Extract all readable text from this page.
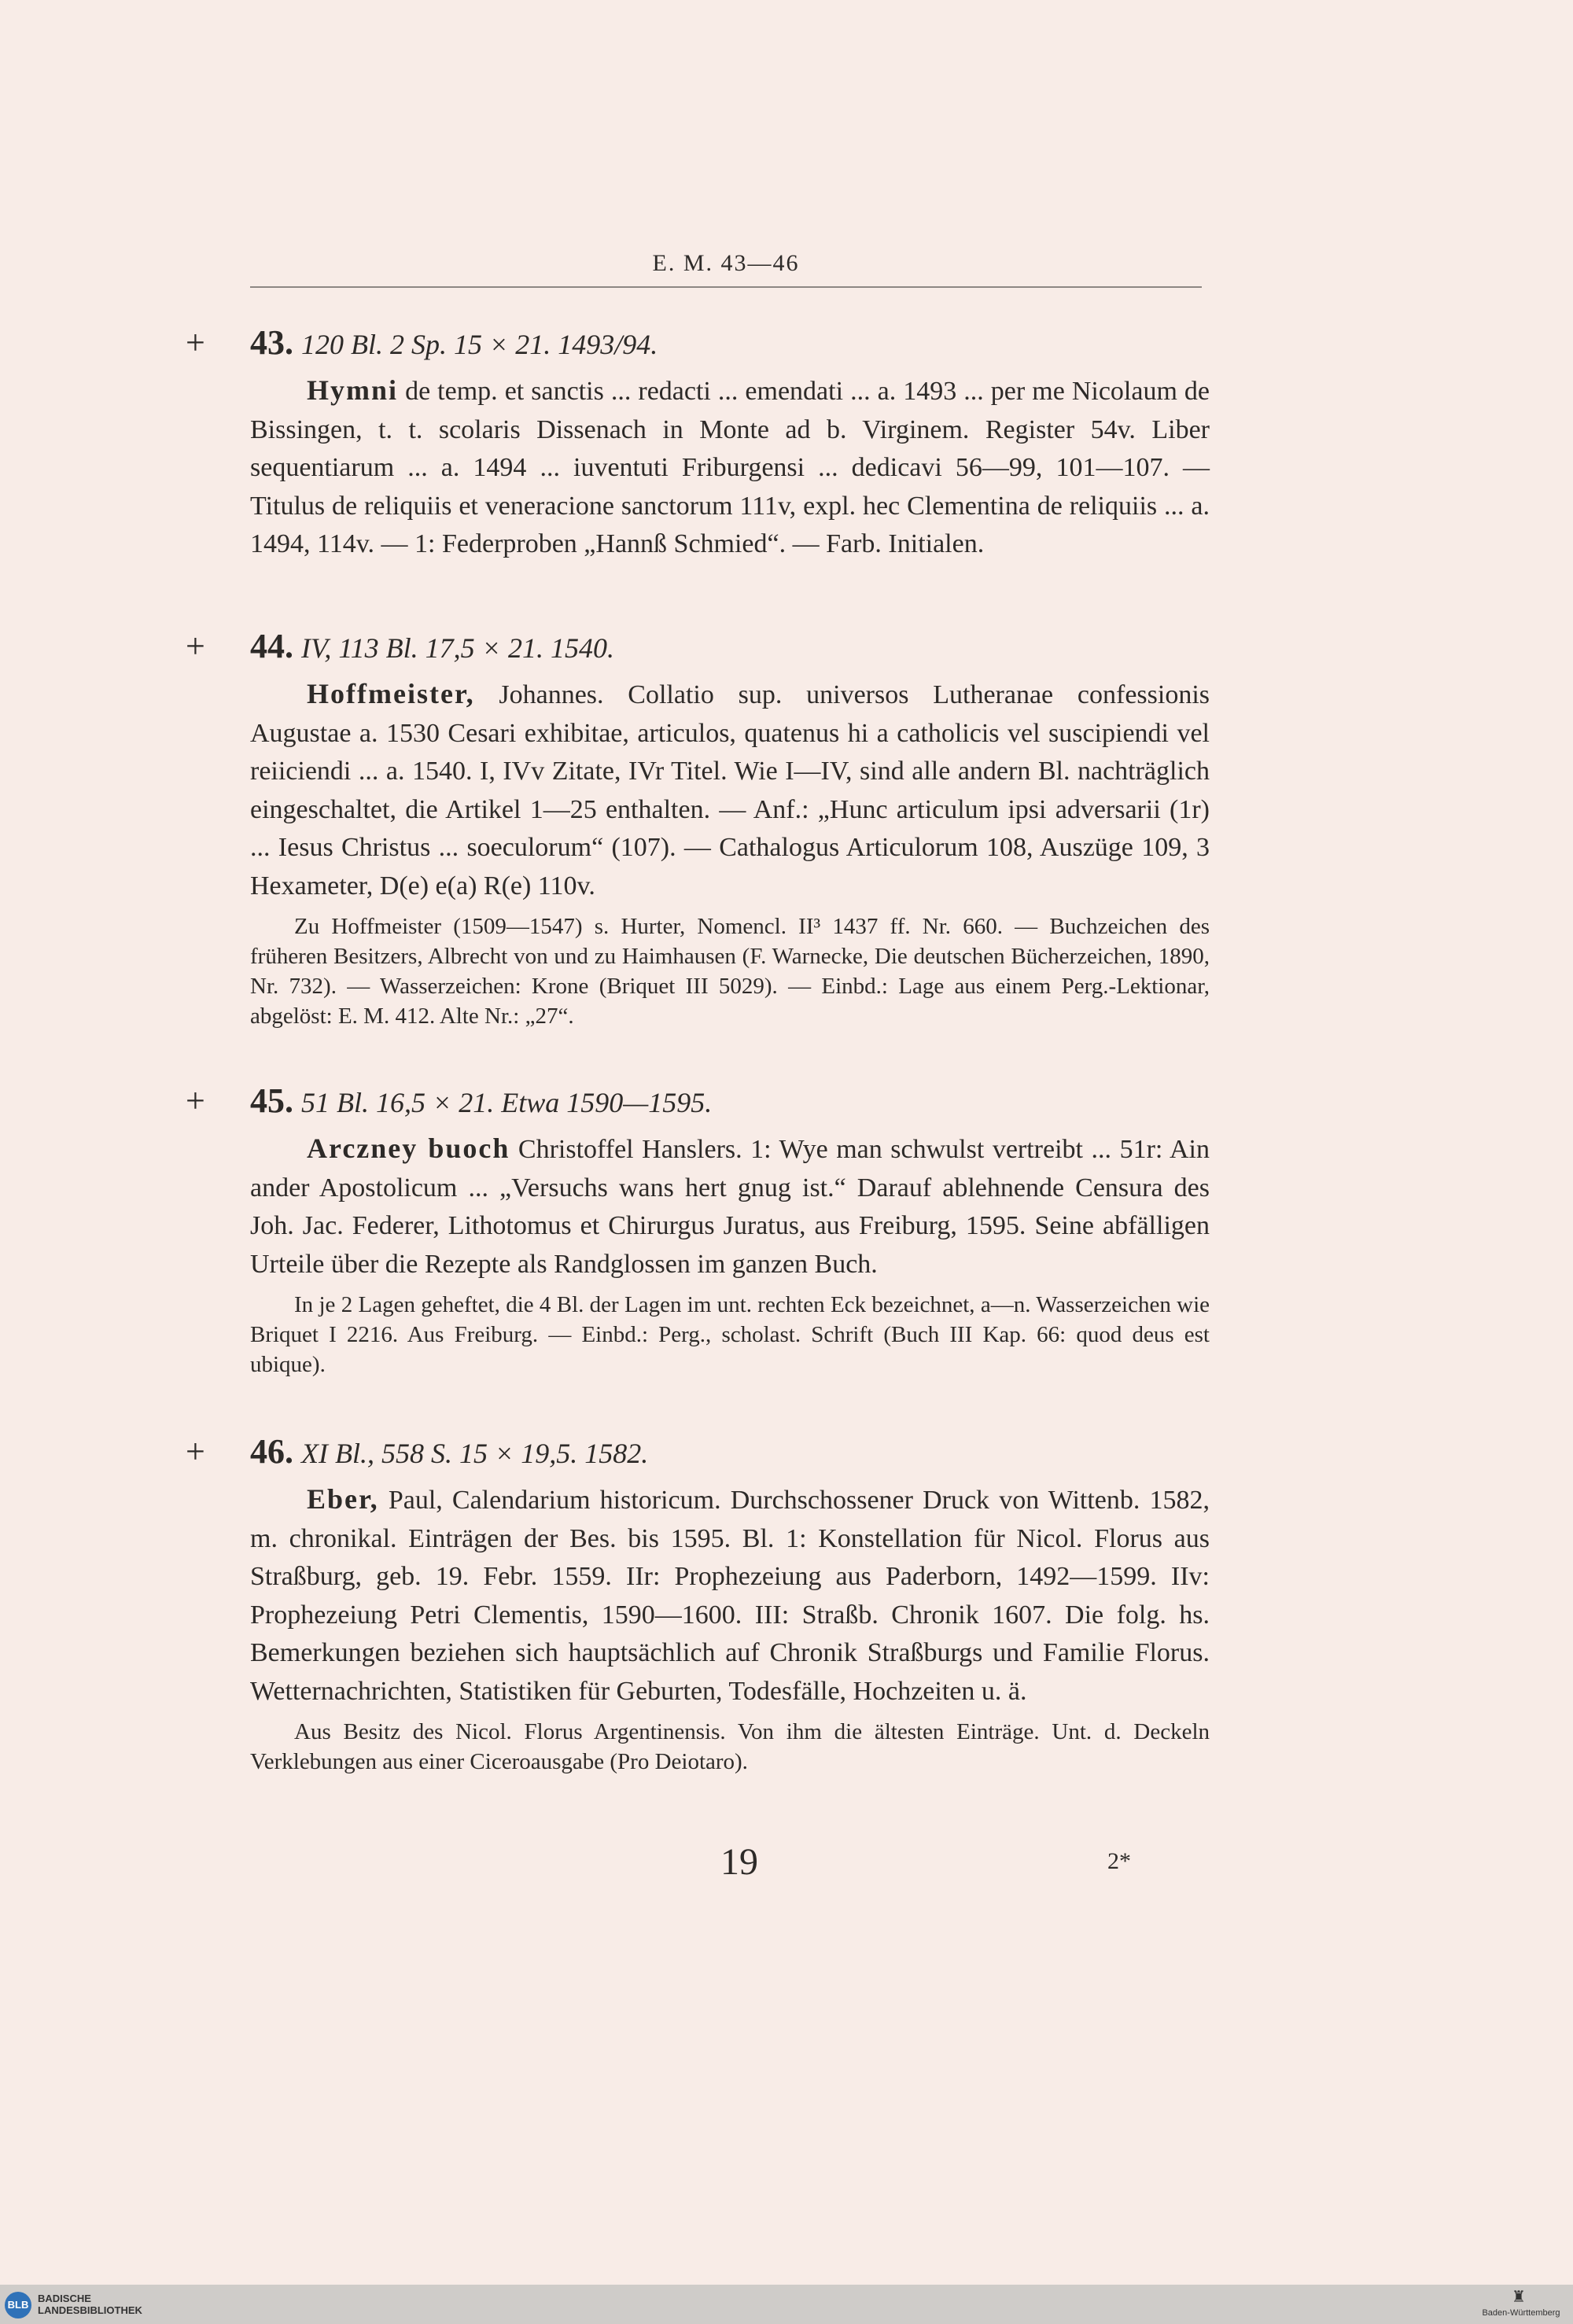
E. M. 43—46
+ 43. 120 Bl. 2 Sp. 15 × 21. 1493/94.
Hymni de temp. et sanctis ... redacti ... emendati ... a. 1493 ... per me Nicolaum de Bissingen, t. t. scolaris Dissenach in Monte ad b. Virginem. Register 54v. Liber sequentiarum ... a. 1494 ... iuventuti Friburgensi ... dedicavi 56—99, 101—107. — Titulus de reliquiis et veneracione sanctorum 111v, expl. hec Clementina de reliquiis ... a. 1494, 114v. — 1: Federproben „Hannß Schmied“. — Farb. Initialen.
+ 44. IV, 113 Bl. 17,5 × 21. 1540.
Hoffmeister, Johannes. Collatio sup. universos Lutheranae confessionis Augustae a. 1530 Cesari exhibitae, articulos, quatenus hi a catholicis vel suscipiendi vel reiiciendi ... a. 1540. I, IVv Zitate, IVr Titel. Wie I—IV, sind alle andern Bl. nachträglich eingeschaltet, die Artikel 1—25 enthalten. — Anf.: „Hunc articulum ipsi adversarii (1r) ... Iesus Christus ... soeculorum“ (107). — Cathalogus Articulorum 108, Auszüge 109, 3 Hexameter, D(e) e(a) R(e) 110v.
Zu Hoffmeister (1509—1547) s. Hurter, Nomencl. II³ 1437 ff. Nr. 660. — Buchzeichen des früheren Besitzers, Albrecht von und zu Haimhausen (F. Warnecke, Die deutschen Bücherzeichen, 1890, Nr. 732). — Wasserzeichen: Krone (Briquet III 5029). — Einbd.: Lage aus einem Perg.-Lektionar, abgelöst: E. M. 412. Alte Nr.: „27“.
+ 45. 51 Bl. 16,5 × 21. Etwa 1590—1595.
Arczney buoch Christoffel Hanslers. 1: Wye man schwulst vertreibt ... 51r: Ain ander Apostolicum ... „Versuchs wans hert gnug ist.“ Darauf ablehnende Censura des Joh. Jac. Federer, Lithotomus et Chirurgus Juratus, aus Freiburg, 1595. Seine abfälligen Urteile über die Rezepte als Randglossen im ganzen Buch.
In je 2 Lagen geheftet, die 4 Bl. der Lagen im unt. rechten Eck bezeichnet, a—n. Wasserzeichen wie Briquet I 2216. Aus Freiburg. — Einbd.: Perg., scholast. Schrift (Buch III Kap. 66: quod deus est ubique).
+ 46. XI Bl., 558 S. 15 × 19,5. 1582.
Eber, Paul, Calendarium historicum. Durchschossener Druck von Wittenb. 1582, m. chronikal. Einträgen der Bes. bis 1595. Bl. 1: Konstellation für Nicol. Florus aus Straßburg, geb. 19. Febr. 1559. IIr: Prophezeiung aus Paderborn, 1492—1599. IIv: Prophezeiung Petri Clementis, 1590—1600. III: Straßb. Chronik 1607. Die folg. hs. Bemerkungen beziehen sich hauptsächlich auf Chronik Straßburgs und Familie Florus. Wetternachrichten, Statistiken für Geburten, Todesfälle, Hochzeiten u. ä.
Aus Besitz des Nicol. Florus Argentinensis. Von ihm die ältesten Einträge. Unt. d. Deckeln Verklebungen aus einer Ciceroausgabe (Pro Deiotaro).
19	2*
BLB
BADISCHE
LANDESBIBLIOTHEK
♜
Baden-Württemberg
